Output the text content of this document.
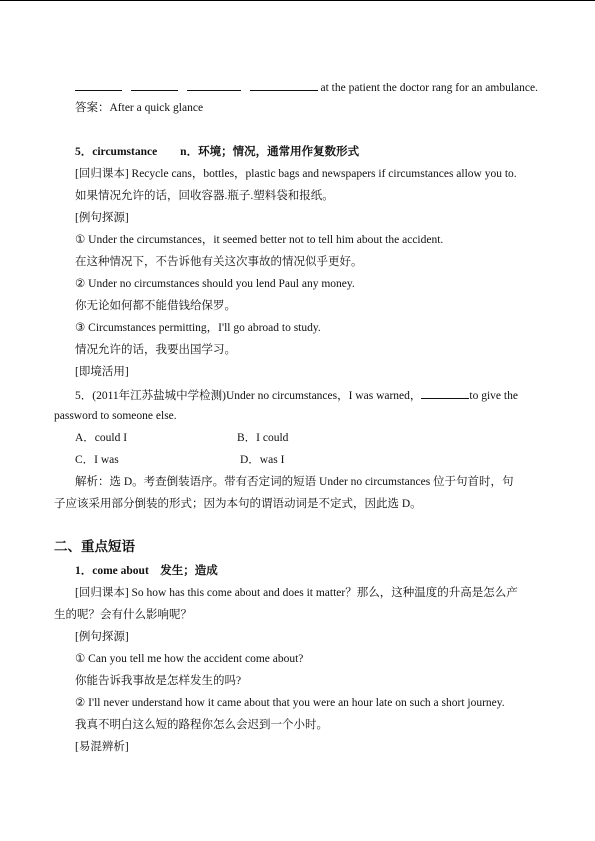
at the patient the doctor rang for an ambulance.
答案：After a quick glance
5．circumstance　　n．环境；情况，通常用作复数形式
[回归课本] Recycle cans，bottles，plastic bags and newspapers if circumstances allow you to.
如果情况允许的话，回收容器.瓶子.塑料袋和报纸。
[例句探源]
① Under the circumstances，it seemed better not to tell him about the accident.
在这种情况下，不告诉他有关这次事故的情况似乎更好。
② Under no circumstances should you lend Paul any money.
你无论如何都不能借钱给保罗。
③ Circumstances permitting，I'll go abroad to study.
情况允许的话，我要出国学习。
[即境活用]
5．(2011年江苏盐城中学检测)Under no circumstances，I was warned，	to give the
password to someone else.
A．could I	B．I could
C．I was	D．was I
解析：选 D。考查倒装语序。带有否定词的短语 Under no circumstances 位于句首时，句
子应该采用部分倒装的形式；因为本句的谓语动词是不定式，因此选 D。
二、重点短语
1．come about　发生；造成
[回归课本] So how has this come about and does it matter？那么，这种温度的升高是怎么产
生的呢？会有什么影响呢？
[例句探源]
① Can you tell me how the accident come about?
你能告诉我事故是怎样发生的吗?
② I'll never understand how it came about that you were an hour late on such a short journey.
我真不明白这么短的路程你怎么会迟到一个小时。
[易混辨析]
